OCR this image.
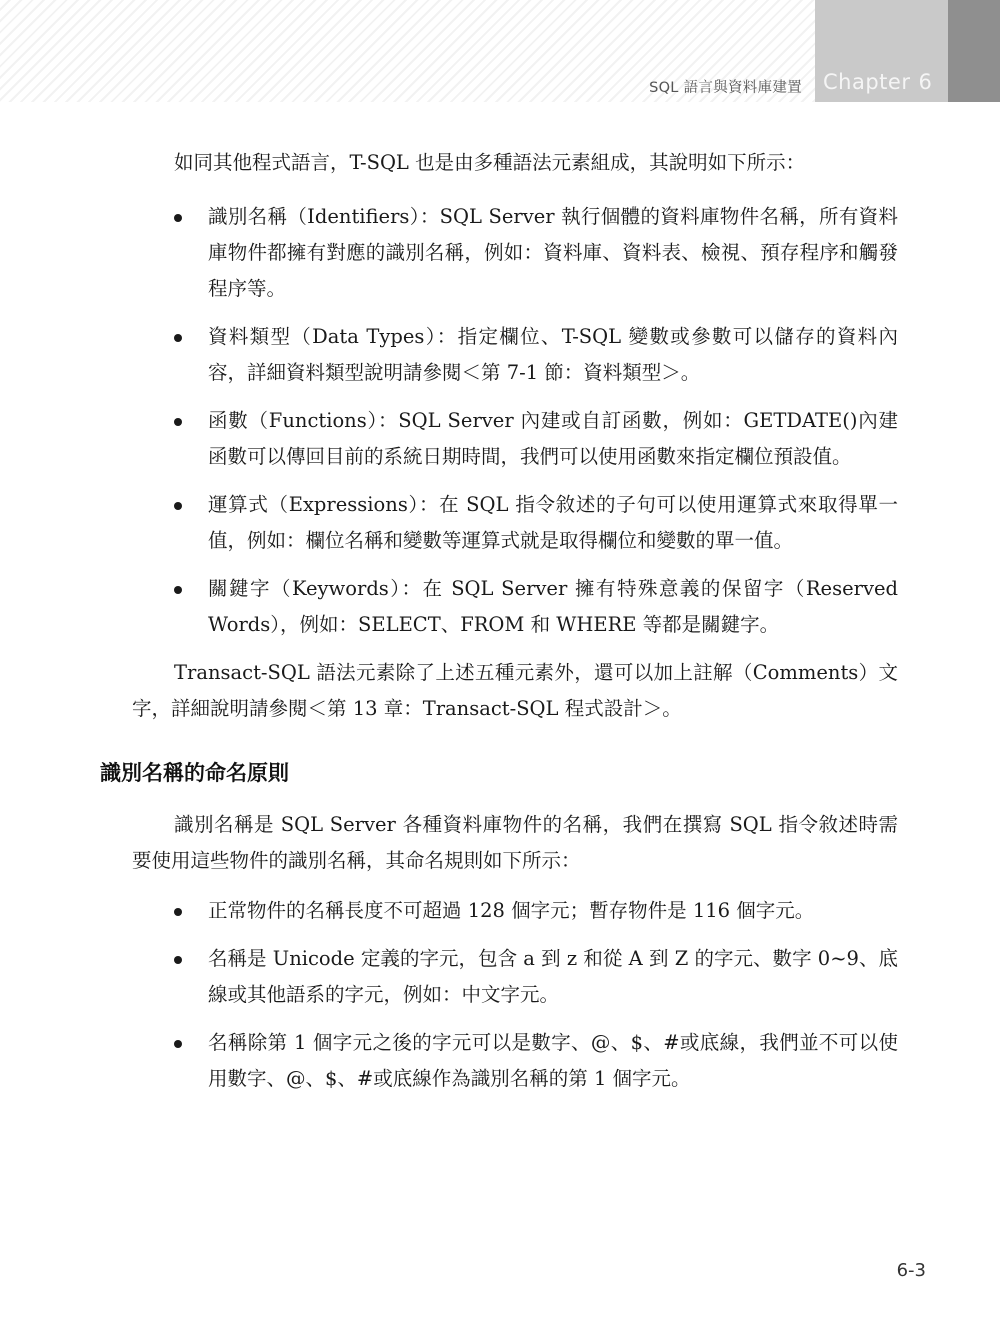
SQL 語言與資料庫建置 Chapter 6

如同其他程式語言，T-SQL 也是由多種語法元素組成，其說明如下所示：

識別名稱（Identifiers）：SQL Server 執行個體的資料庫物件名稱，所有資料庫物件都擁有對應的識別名稱，例如：資料庫、資料表、檢視、預存程序和觸發程序等。
資料類型（Data Types）：指定欄位、T-SQL 變數或參數可以儲存的資料內容，詳細資料類型說明請參閱＜第 7-1 節：資料類型＞。
函數（Functions）：SQL Server 內建或自訂函數，例如：GETDATE()內建函數可以傳回目前的系統日期時間，我們可以使用函數來指定欄位預設值。
運算式（Expressions）：在 SQL 指令敘述的子句可以使用運算式來取得單一值，例如：欄位名稱和變數等運算式就是取得欄位和變數的單一值。
關鍵字（Keywords）：在 SQL Server 擁有特殊意義的保留字（Reserved Words），例如：SELECT、FROM 和 WHERE 等都是關鍵字。

Transact-SQL 語法元素除了上述五種元素外，還可以加上註解（Comments）文字，詳細說明請參閱＜第 13 章：Transact-SQL 程式設計＞。

識別名稱的命名原則

識別名稱是 SQL Server 各種資料庫物件的名稱，我們在撰寫 SQL 指令敘述時需要使用這些物件的識別名稱，其命名規則如下所示：

正常物件的名稱長度不可超過 128 個字元；暫存物件是 116 個字元。
名稱是 Unicode 定義的字元，包含 a 到 z 和從 A 到 Z 的字元、數字 0~9、底線或其他語系的字元，例如：中文字元。
名稱除第 1 個字元之後的字元可以是數字、@、$、#或底線，我們並不可以使用數字、@、$、#或底線作為識別名稱的第 1 個字元。
6-3
